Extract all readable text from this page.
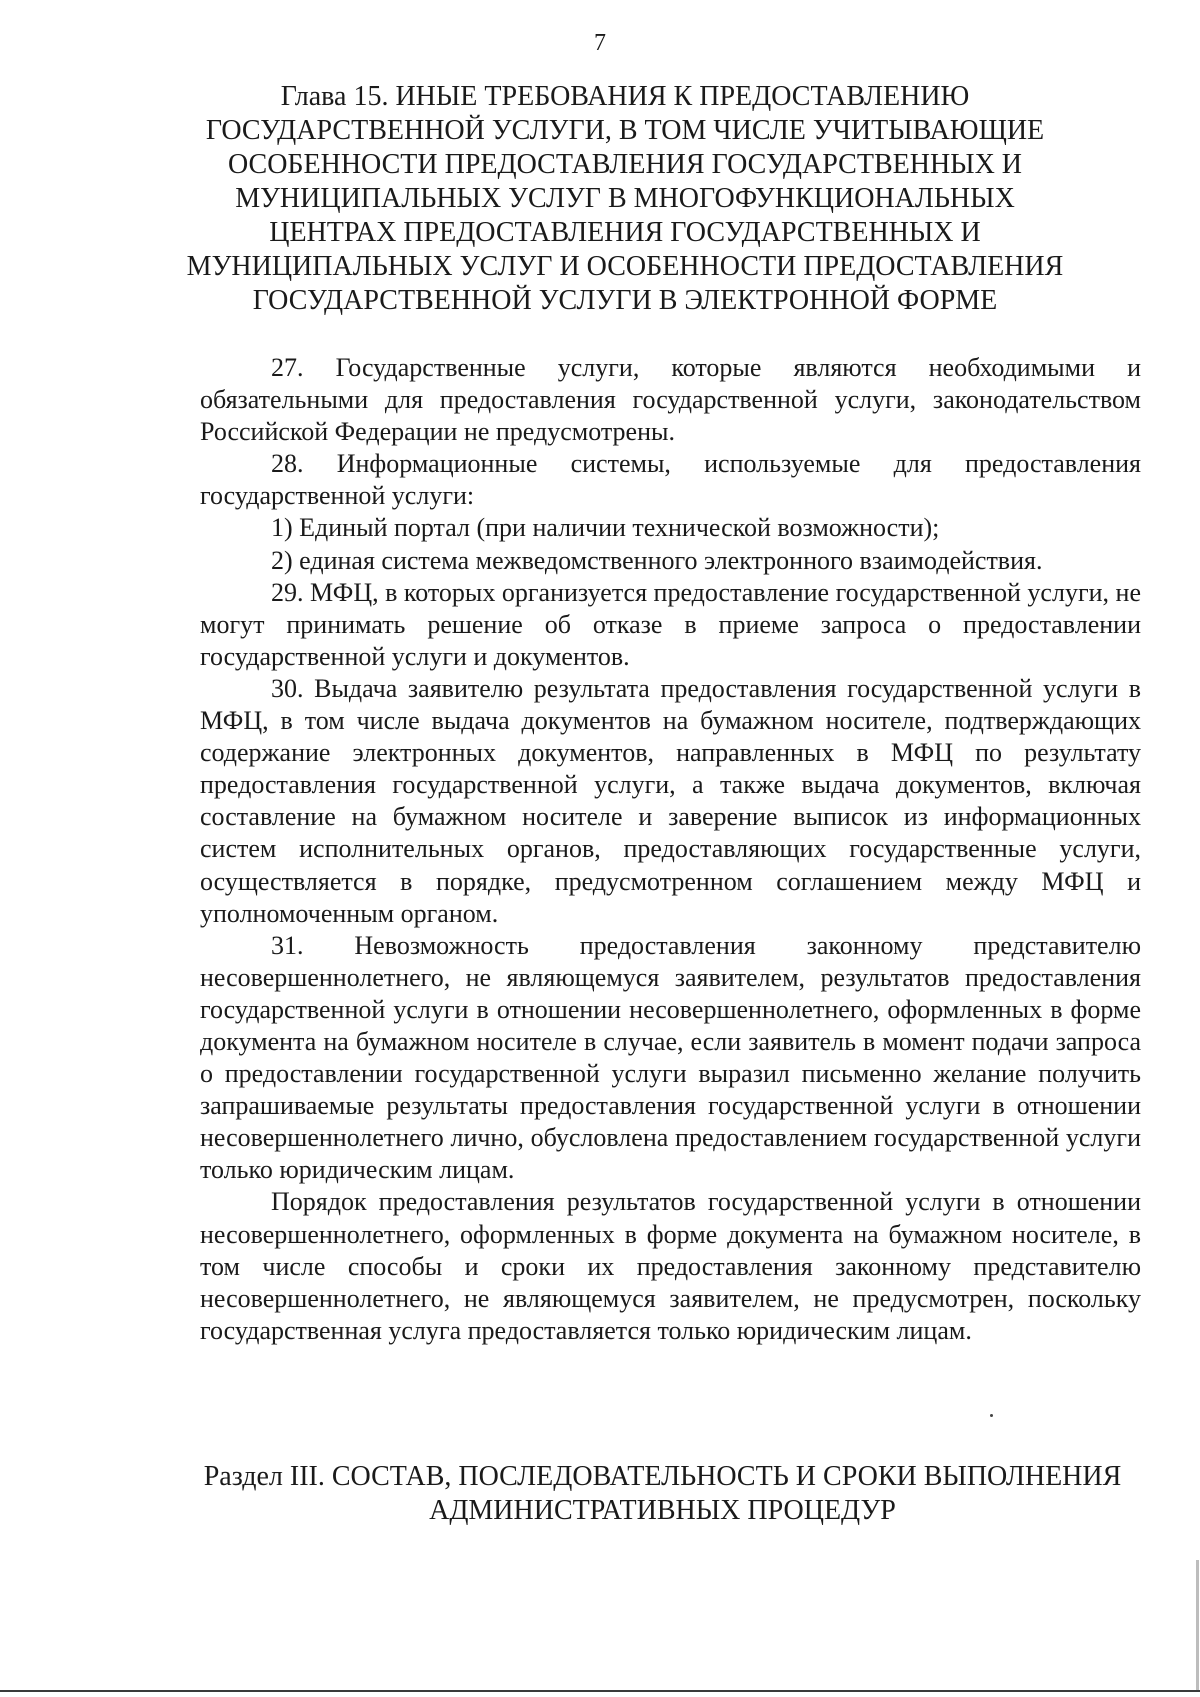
7
Глава 15. ИНЫЕ ТРЕБОВАНИЯ К ПРЕДОСТАВЛЕНИЮ ГОСУДАРСТВЕННОЙ УСЛУГИ, В ТОМ ЧИСЛЕ УЧИТЫВАЮЩИЕ ОСОБЕННОСТИ ПРЕДОСТАВЛЕНИЯ ГОСУДАРСТВЕННЫХ И МУНИЦИПАЛЬНЫХ УСЛУГ В МНОГОФУНКЦИОНАЛЬНЫХ ЦЕНТРАХ ПРЕДОСТАВЛЕНИЯ ГОСУДАРСТВЕННЫХ И МУНИЦИПАЛЬНЫХ УСЛУГ И ОСОБЕННОСТИ ПРЕДОСТАВЛЕНИЯ ГОСУДАРСТВЕННОЙ УСЛУГИ В ЭЛЕКТРОННОЙ ФОРМЕ

27. Государственные услуги, которые являются необходимыми и обязательными для предоставления государственной услуги, законодательством Российской Федерации не предусмотрены.

28. Информационные системы, используемые для предоставления государственной услуги:

1) Единый портал (при наличии технической возможности);

2) единая система межведомственного электронного взаимодействия.

29. МФЦ, в которых организуется предоставление государственной услуги, не могут принимать решение об отказе в приеме запроса о предоставлении государственной услуги и документов.

30. Выдача заявителю результата предоставления государственной услуги в МФЦ, в том числе выдача документов на бумажном носителе, подтверждающих содержание электронных документов, направленных в МФЦ по результату предоставления государственной услуги, а также выдача документов, включая составление на бумажном носителе и заверение выписок из информационных систем исполнительных органов, предоставляющих государственные услуги, осуществляется в порядке, предусмотренном соглашением между МФЦ и уполномоченным органом.

31. Невозможность предоставления законному представителю несовершеннолетнего, не являющемуся заявителем, результатов предоставления государственной услуги в отношении несовершеннолетнего, оформленных в форме документа на бумажном носителе в случае, если заявитель в момент подачи запроса о предоставлении государственной услуги выразил письменно желание получить запрашиваемые результаты предоставления государственной услуги в отношении несовершеннолетнего лично, обусловлена предоставлением государственной услуги только юридическим лицам.

Порядок предоставления результатов государственной услуги в отношении несовершеннолетнего, оформленных в форме документа на бумажном носителе, в том числе способы и сроки их предоставления законному представителю несовершеннолетнего, не являющемуся заявителем, не предусмотрен, поскольку государственная услуга предоставляется только юридическим лицам.

Раздел III. СОСТАВ, ПОСЛЕДОВАТЕЛЬНОСТЬ И СРОКИ ВЫПОЛНЕНИЯ АДМИНИСТРАТИВНЫХ ПРОЦЕДУР
